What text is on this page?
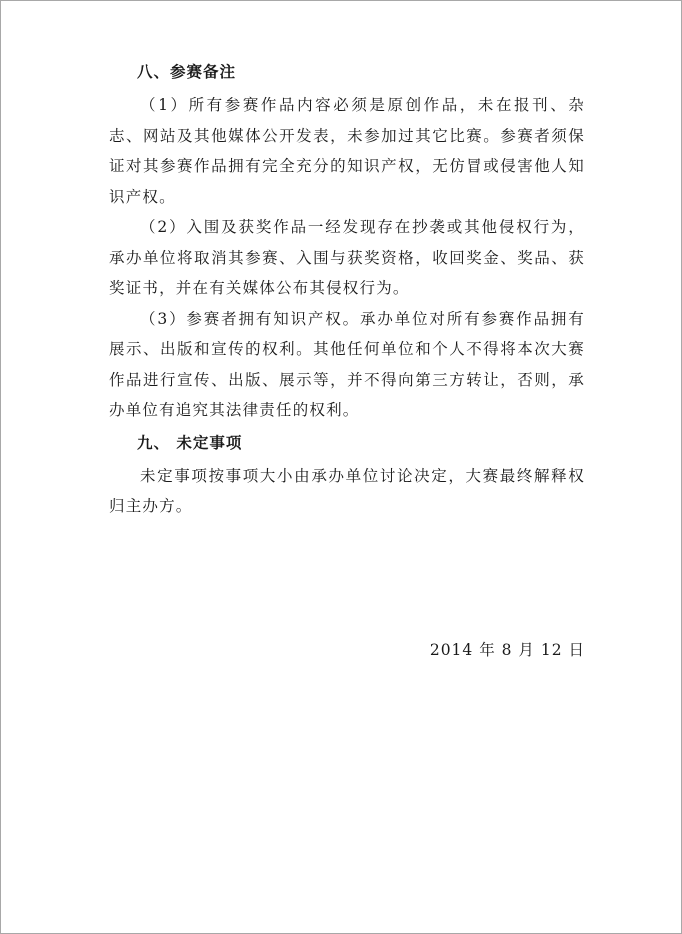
八、参赛备注

（1）所有参赛作品内容必须是原创作品，未在报刊、杂志、网站及其他媒体公开发表，未参加过其它比赛。参赛者须保证对其参赛作品拥有完全充分的知识产权，无仿冒或侵害他人知识产权。

（2）入围及获奖作品一经发现存在抄袭或其他侵权行为，承办单位将取消其参赛、入围与获奖资格，收回奖金、奖品、获奖证书，并在有关媒体公布其侵权行为。

（3）参赛者拥有知识产权。承办单位对所有参赛作品拥有展示、出版和宣传的权利。其他任何单位和个人不得将本次大赛作品进行宣传、出版、展示等，并不得向第三方转让，否则，承办单位有追究其法律责任的权利。

九、 未定事项

未定事项按事项大小由承办单位讨论决定，大赛最终解释权归主办方。

2014 年 8 月 12 日
